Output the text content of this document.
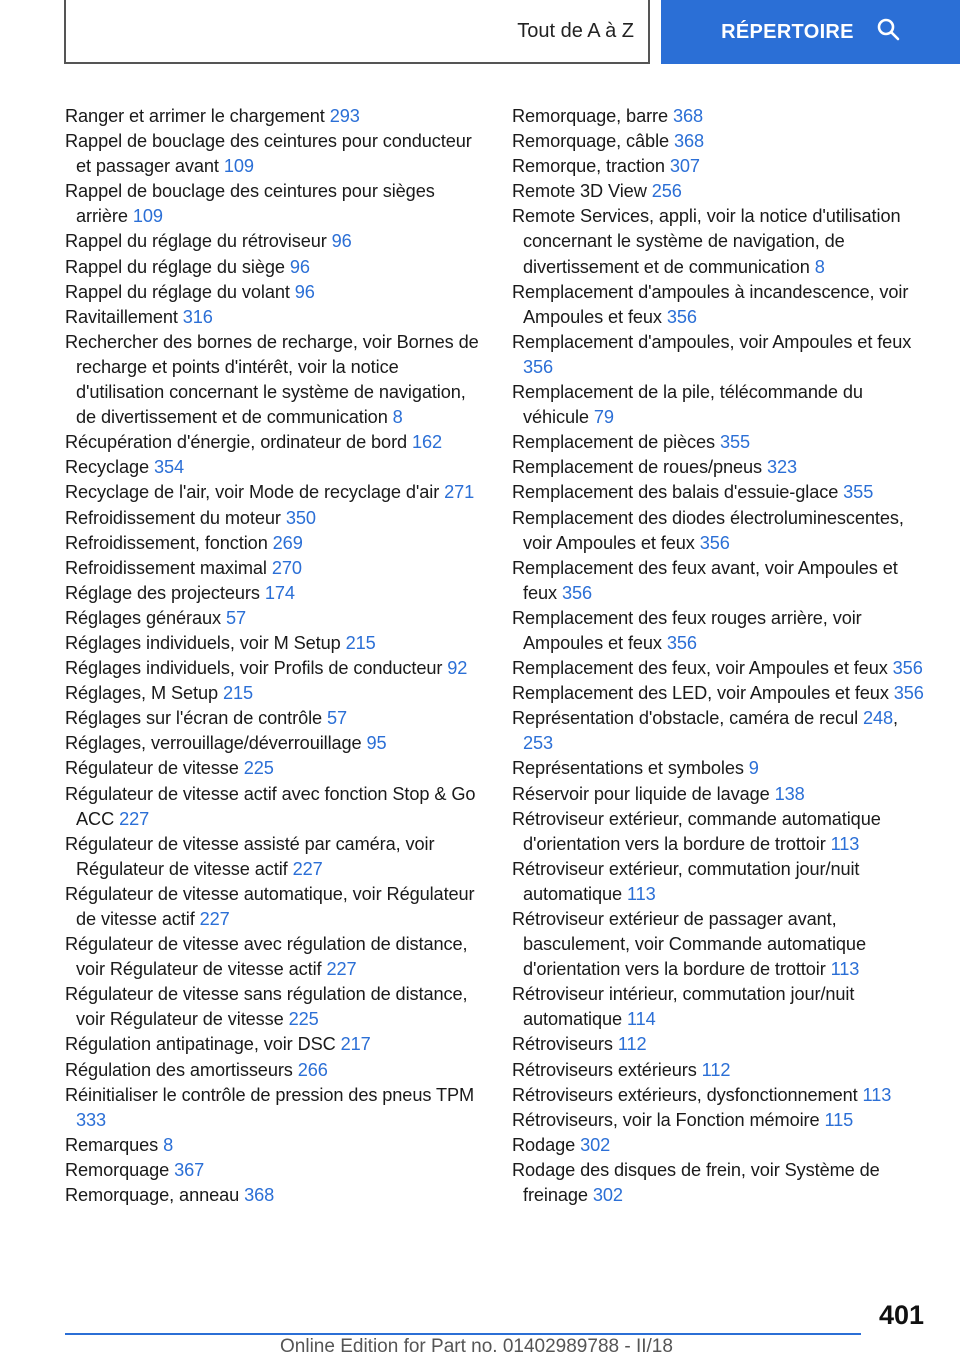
Tout de A à Z	RÉPERTOIRE
Ranger et arrimer le chargement 293
Rappel de bouclage des ceintures pour conducteur et passager avant 109
Rappel de bouclage des ceintures pour sièges arrière 109
Rappel du réglage du rétroviseur 96
Rappel du réglage du siège 96
Rappel du réglage du volant 96
Ravitaillement 316
Rechercher des bornes de recharge, voir Bornes de recharge et points d'intérêt, voir la notice d'utilisation concernant le système de navigation, de divertissement et de communication 8
Récupération d'énergie, ordinateur de bord 162
Recyclage 354
Recyclage de l'air, voir Mode de recyclage d'air 271
Refroidissement du moteur 350
Refroidissement, fonction 269
Refroidissement maximal 270
Réglage des projecteurs 174
Réglages généraux 57
Réglages individuels, voir M Setup 215
Réglages individuels, voir Profils de conducteur 92
Réglages, M Setup 215
Réglages sur l'écran de contrôle 57
Réglages, verrouillage/déverrouillage 95
Régulateur de vitesse 225
Régulateur de vitesse actif avec fonction Stop & Go ACC 227
Régulateur de vitesse assisté par caméra, voir Régulateur de vitesse actif 227
Régulateur de vitesse automatique, voir Régulateur de vitesse actif 227
Régulateur de vitesse avec régulation de distance, voir Régulateur de vitesse actif 227
Régulateur de vitesse sans régulation de distance, voir Régulateur de vitesse 225
Régulation antipatinage, voir DSC 217
Régulation des amortisseurs 266
Réinitialiser le contrôle de pression des pneus TPM 333
Remarques 8
Remorquage 367
Remorquage, anneau 368
Remorquage, barre 368
Remorquage, câble 368
Remorque, traction 307
Remote 3D View 256
Remote Services, appli, voir la notice d'utilisation concernant le système de navigation, de divertissement et de communication 8
Remplacement d'ampoules à incandescence, voir Ampoules et feux 356
Remplacement d'ampoules, voir Ampoules et feux 356
Remplacement de la pile, télécommande du véhicule 79
Remplacement de pièces 355
Remplacement de roues/pneus 323
Remplacement des balais d'essuie-glace 355
Remplacement des diodes électroluminescentes, voir Ampoules et feux 356
Remplacement des feux avant, voir Ampoules et feux 356
Remplacement des feux rouges arrière, voir Ampoules et feux 356
Remplacement des feux, voir Ampoules et feux 356
Remplacement des LED, voir Ampoules et feux 356
Représentation d'obstacle, caméra de recul 248, 253
Représentations et symboles 9
Réservoir pour liquide de lavage 138
Rétroviseur extérieur, commande automatique d'orientation vers la bordure de trottoir 113
Rétroviseur extérieur, commutation jour/nuit automatique 113
Rétroviseur extérieur de passager avant, basculement, voir Commande automatique d'orientation vers la bordure de trottoir 113
Rétroviseur intérieur, commutation jour/nuit automatique 114
Rétroviseurs 112
Rétroviseurs extérieurs 112
Rétroviseurs extérieurs, dysfonctionnement 113
Rétroviseurs, voir la Fonction mémoire 115
Rodage 302
Rodage des disques de frein, voir Système de freinage 302
401
Online Edition for Part no. 01402989788 - II/18
